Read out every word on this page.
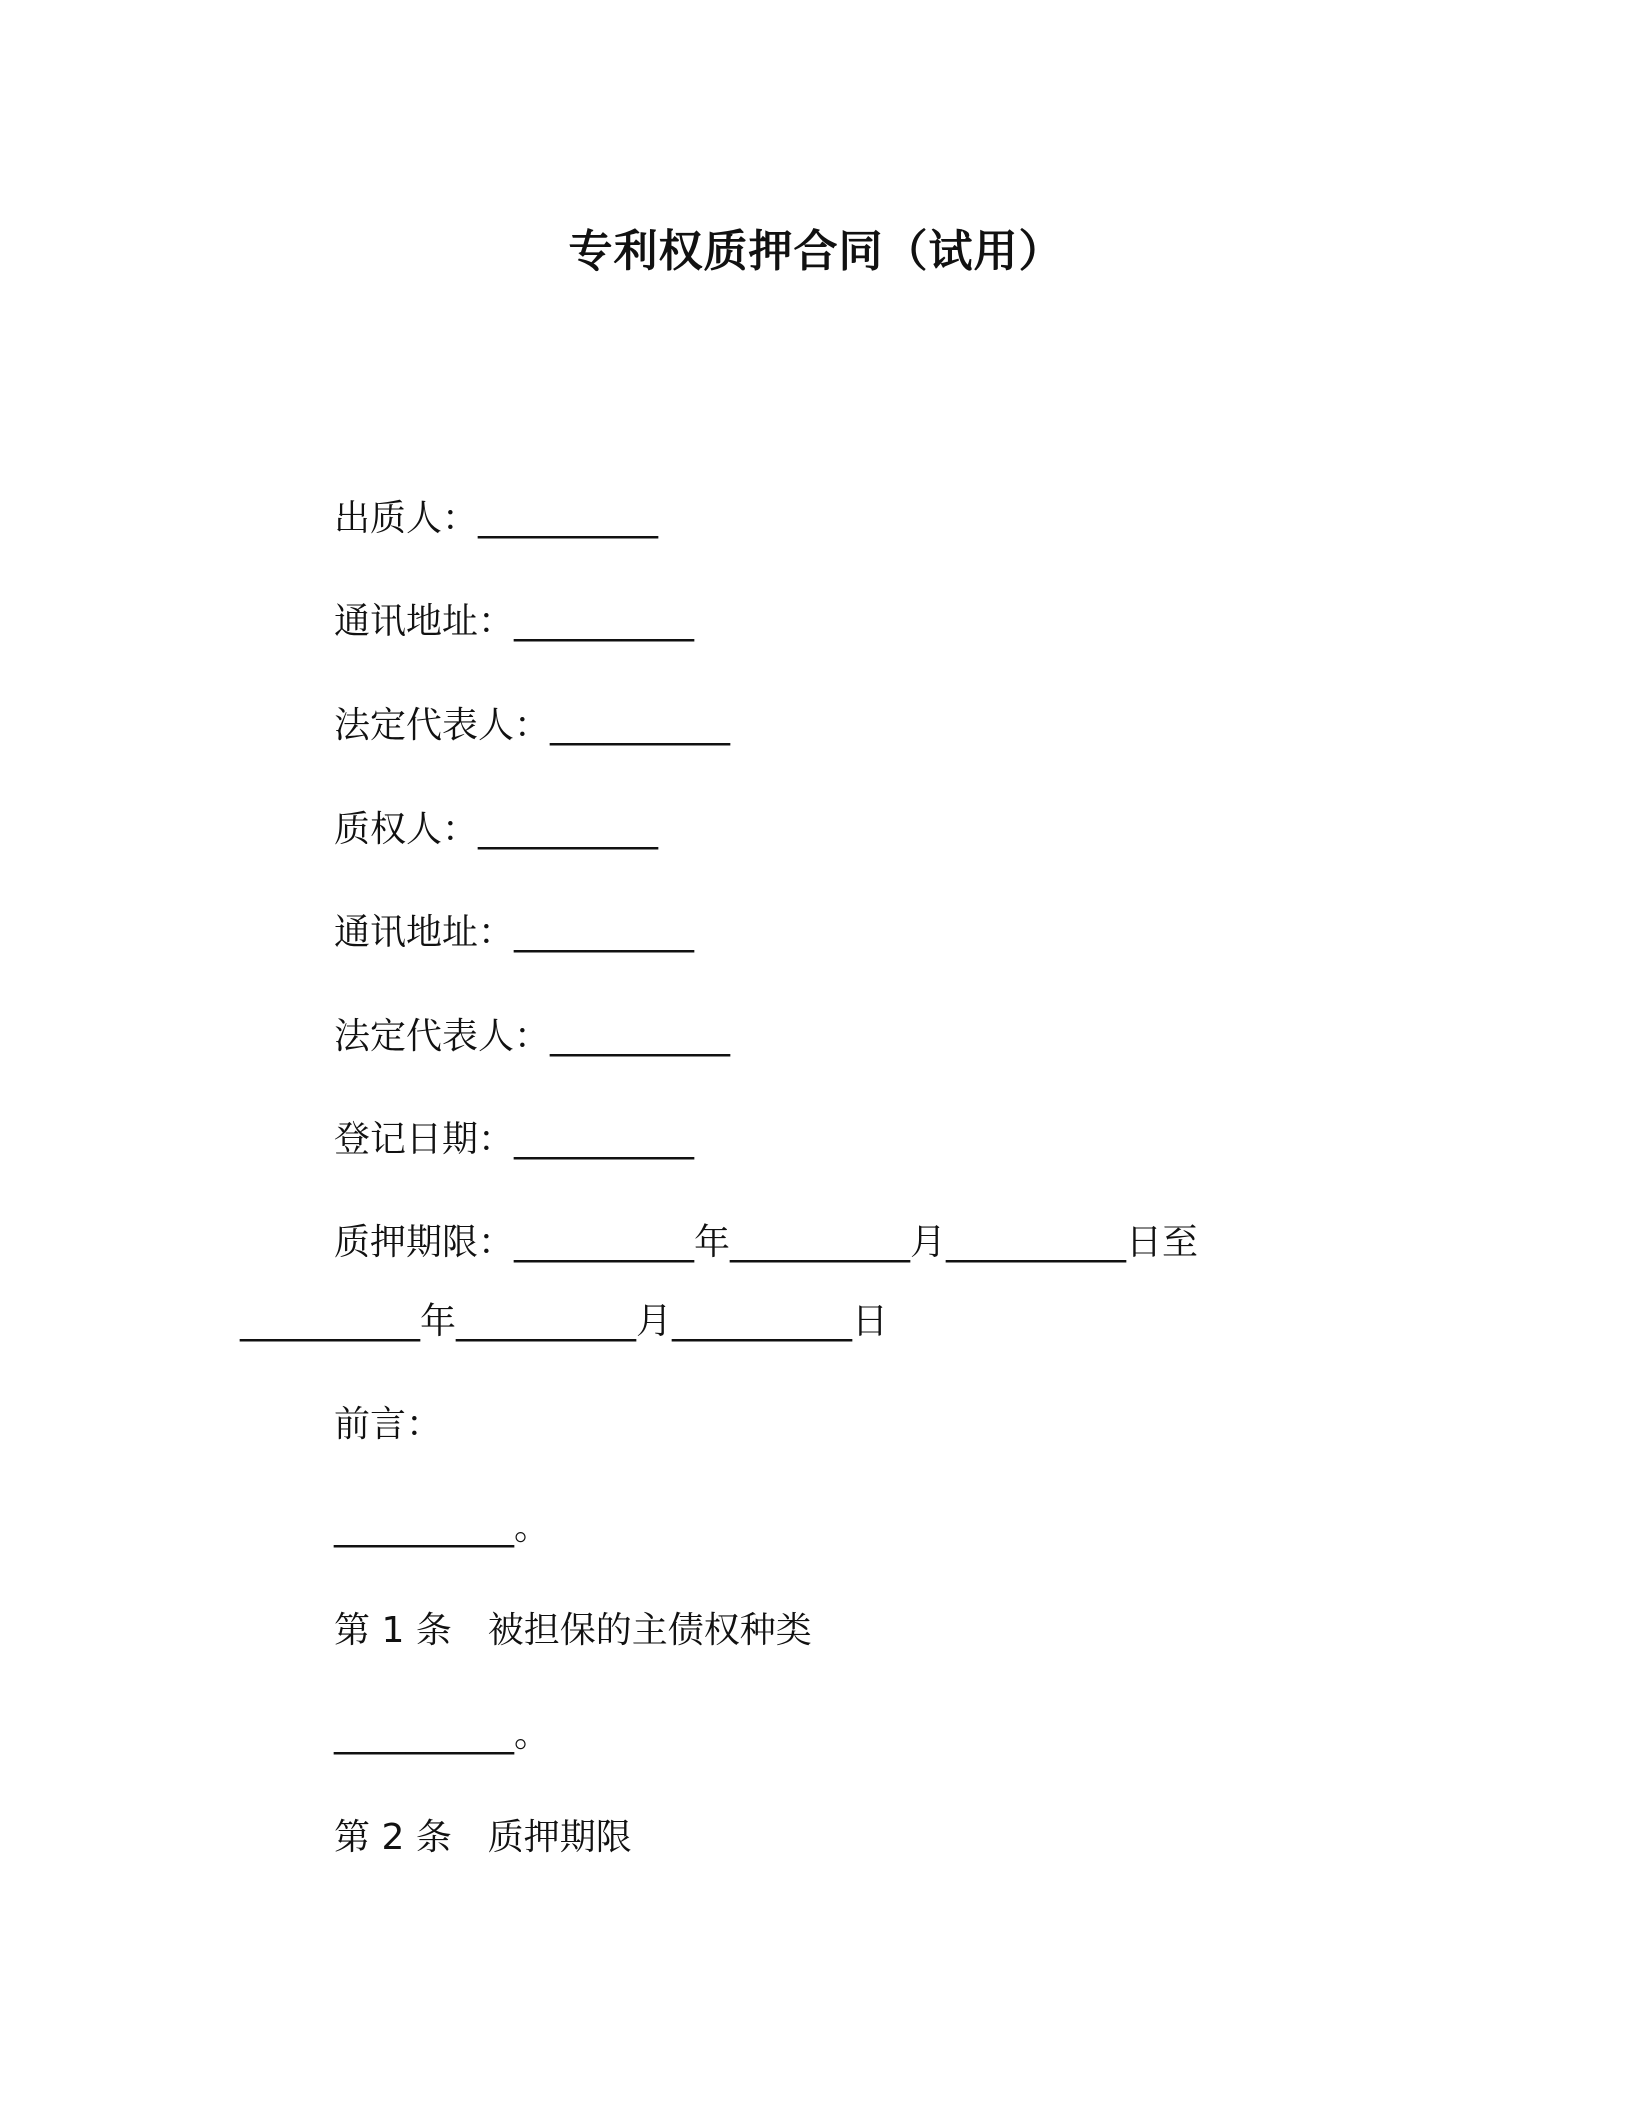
专利权质押合同（试用）

出质人：__________

通讯地址：__________

法定代表人：__________

质权人：__________

通讯地址：__________

法定代表人：__________

登记日期：__________

质押期限：__________年__________月__________日至

__________年__________月__________日

前言：

__________。

第 1 条　被担保的主债权种类

__________。

第 2 条　质押期限
